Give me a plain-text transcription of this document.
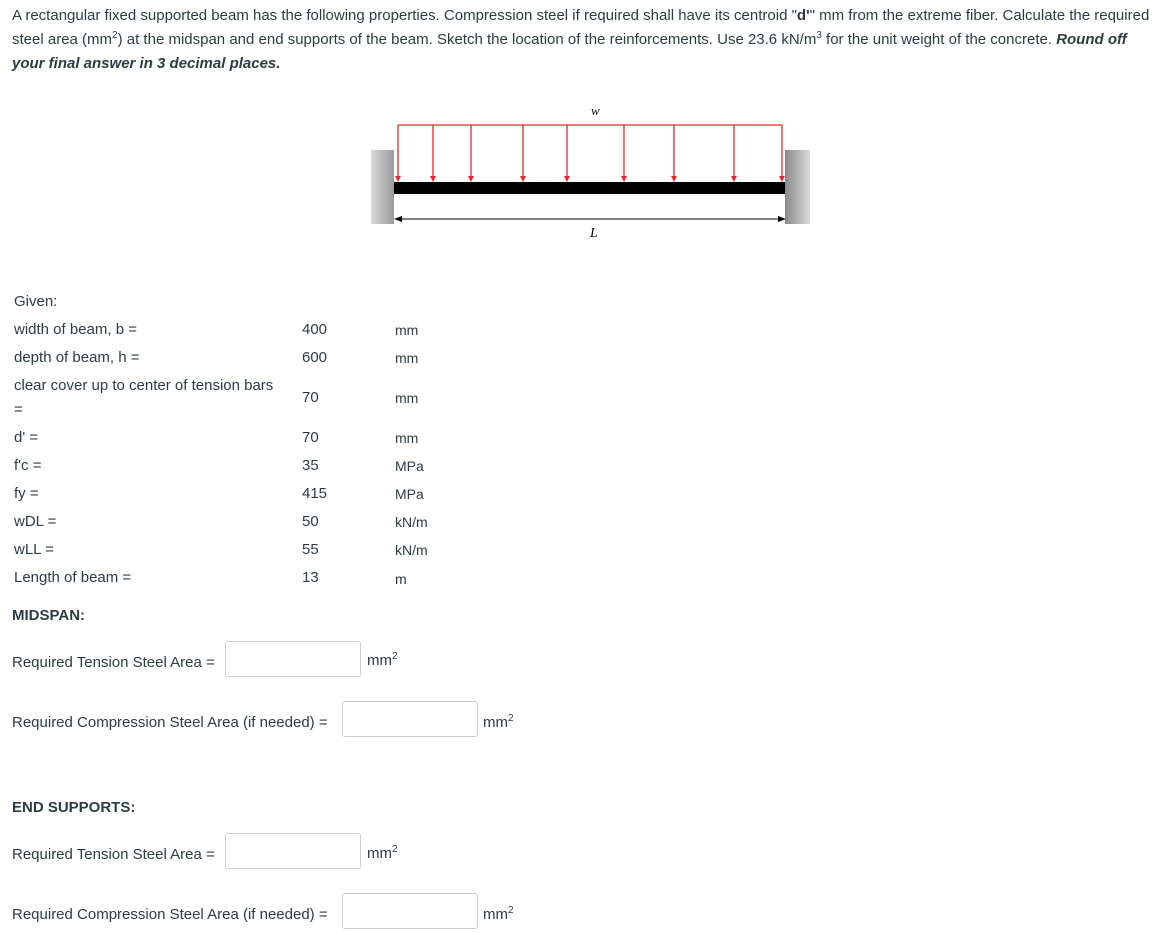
A rectangular fixed supported beam has the following properties. Compression steel if required shall have its centroid "d'" mm from the extreme fiber. Calculate the required steel area $(mm^2)$ at the midspan and end supports of the beam. Sketch the location of the reinforcements. Use 23.6 $kN/m^3$ for the unit weight of the concrete. Round off your final answer in 3 decimal places.
w
L
Given:
width of beam, b =	400	mm
depth of beam, h =	600	mm
clear cover up to center of tension bars
=
70	mm
d' =	70	mm
f'c =	35	MPa
fy =	415	MPa
wDL =	50	kN/m
wLL =	55	kN/m
Length of beam =	13	m
MIDSPAN:
Required Tension Steel Area =	$mm^2$
Required Compression Steel Area (if needed) =	$mm^2$
END SUPPORTS:
Required Tension Steel Area =	$mm^2$
Required Compression Steel Area (if needed) =	$mm^2$
